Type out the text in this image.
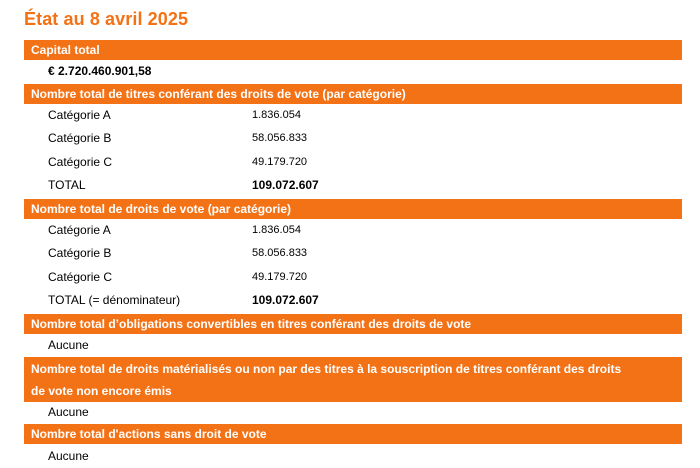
État au 8 avril 2025
Capital total
€ 2.720.460.901,58
Nombre total de titres conférant des droits de vote (par catégorie)
Catégorie A	1.836.054
Catégorie B	58.056.833
Catégorie C	49.179.720
TOTAL	109.072.607
Nombre total de droits de vote (par catégorie)
Catégorie A	1.836.054
Catégorie B	58.056.833
Catégorie C	49.179.720
TOTAL (= dénominateur)	109.072.607
Nombre total d’obligations convertibles en titres conférant des droits de vote
Aucune
Nombre total de droits matérialisés ou non par des titres à la souscription de titres conférant des droits
de vote non encore émis
Aucune
Nombre total d'actions sans droit de vote
Aucune
